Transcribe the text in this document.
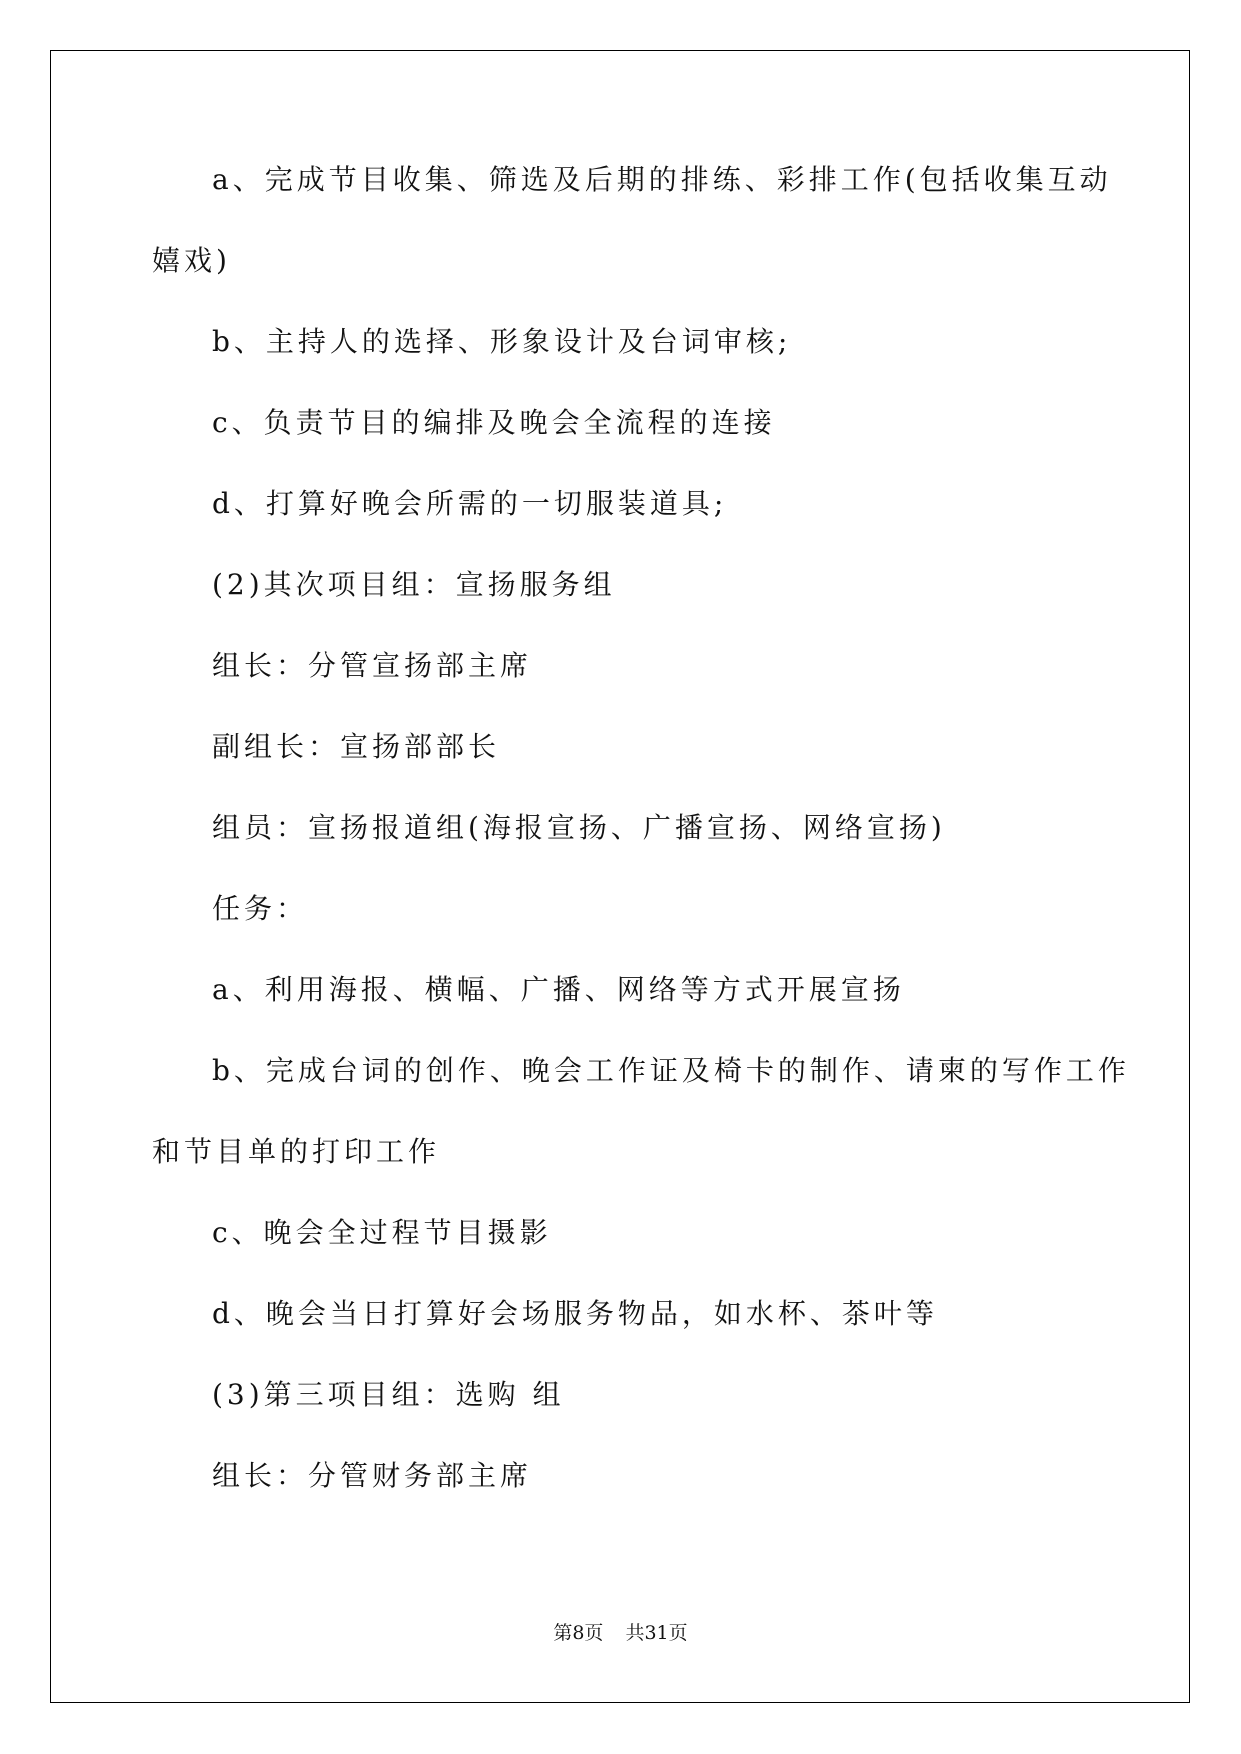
a、完成节目收集、筛选及后期的排练、彩排工作(包括收集互动
嬉戏)
b、主持人的选择、形象设计及台词审核;
c、负责节目的编排及晚会全流程的连接
d、打算好晚会所需的一切服装道具;
(2)其次项目组：宣扬服务组
组长：分管宣扬部主席
副组长：宣扬部部长
组员：宣扬报道组(海报宣扬、广播宣扬、网络宣扬)
任务：
a、利用海报、横幅、广播、网络等方式开展宣扬
b、完成台词的创作、晚会工作证及椅卡的制作、请柬的写作工作
和节目单的打印工作
c、晚会全过程节目摄影
d、晚会当日打算好会场服务物品，如水杯、茶叶等
(3)第三项目组：选购 组
组长：分管财务部主席
第8页 共31页
